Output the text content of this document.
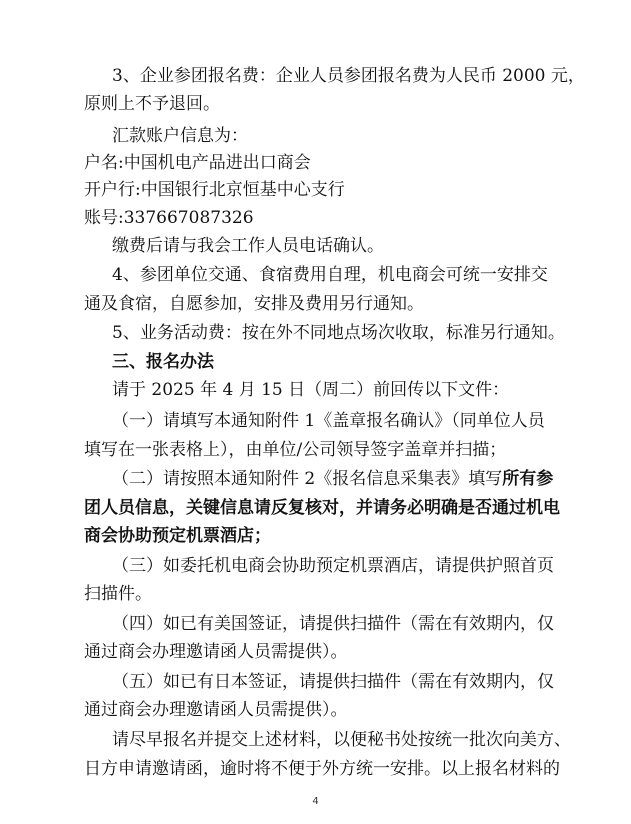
3、企业参团报名费：企业人员参团报名费为人民币 2000 元，
原则上不予退回。
汇款账户信息为：
户名:中国机电产品进出口商会
开户行:中国银行北京恒基中心支行
账号:337667087326
缴费后请与我会工作人员电话确认。
4、参团单位交通、食宿费用自理，机电商会可统一安排交
通及食宿，自愿参加，安排及费用另行通知。
5、业务活动费：按在外不同地点场次收取，标准另行通知。
三、报名办法
请于 2025 年 4 月 15 日（周二）前回传以下文件：
（一）请填写本通知附件 1《盖章报名确认》（同单位人员
填写在一张表格上），由单位/公司领导签字盖章并扫描；
（二）请按照本通知附件 2《报名信息采集表》填写所有参
团人员信息，关键信息请反复核对，并请务必明确是否通过机电
商会协助预定机票酒店；
（三）如委托机电商会协助预定机票酒店，请提供护照首页
扫描件。
（四）如已有美国签证，请提供扫描件（需在有效期内，仅
通过商会办理邀请函人员需提供）。
（五）如已有日本签证，请提供扫描件（需在有效期内，仅
通过商会办理邀请函人员需提供）。
请尽早报名并提交上述材料，以便秘书处按统一批次向美方、
日方申请邀请函，逾时将不便于外方统一安排。以上报名材料的
4
